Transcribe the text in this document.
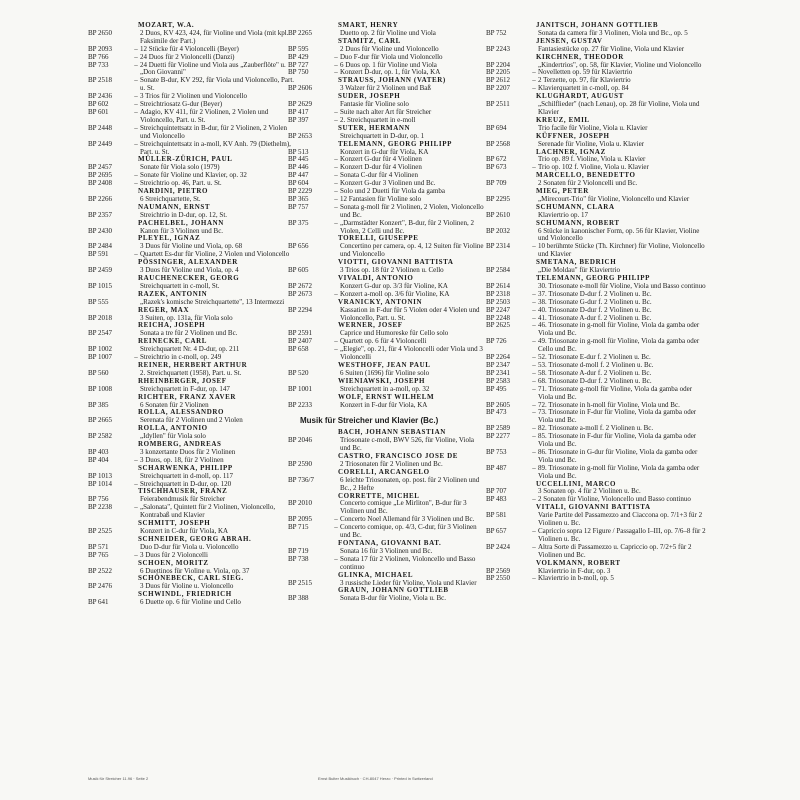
MOZART, W.A.
BP 2650	2 Duos, KV 423, 424, für Violine und Viola (mit kpl. Faksimile der Part.)
BP 2093	– 12 Stücke für 4 Violoncelli (Beyer)
BP 766	– 24 Duos für 2 Violoncelli (Danzi)
BP 733	– 24 Duetti für Violine und Viola aus „Zauberflöte" u. „Don Giovanni"
BP 2518	– Sonate B-dur, KV 292, für Viola und Violoncello, Part. u. St.
BP 2436	– 3 Trios für 2 Violinen und Violoncello
BP 602	– Streichtriosatz G-dur (Beyer)
BP 601	– Adagio, KV 411, für 2 Violinen, 2 Violen und Violoncello, Part. u. St.
BP 2448	– Streichquintettsatz in B-dur, für 2 Violinen, 2 Violen und Violoncello
BP 2449	– Streichquintettsatz in a-moll, KV Anh. 79 (Diethelm), Part. u. St.
MÜLLER-ZÜRICH, PAUL
BP 2457	Sonate für Viola solo (1979)
BP 2695	– Sonate für Violine und Klavier, op. 32
BP 2408	– Streichtrio op. 46, Part. u. St.
NARDINI, PIETRO
BP 2266	6 Streichquartette, St.
NAUMANN, ERNST
BP 2357	Streichtrio in D-dur, op. 12, St.
PACHELBEL, JOHANN
BP 2430	Kanon für 3 Violinen und Bc.
PLEYEL, IGNAZ
BP 2484	3 Duos für Violine und Viola, op. 68
BP 591	– Quartett Es-dur für Violine, 2 Violen und Violoncello
PÖSSINGER, ALEXANDER
BP 2459	3 Duos für Violine und Viola, op. 4
RAUCHENECKER, GEORG
BP 1015	Streichquartett in c-moll, St.
RAZEK, ANTONIN
BP 555	„Razek's komische Streichquartette", 13 Intermezzi
REGER, MAX
BP 2018	3 Suiten, op. 131a, für Viola solo
REICHA, JOSEPH
BP 2547	Sonata a tre für 2 Violinen und Bc.
REINECKE, CARL
BP 1002	Streichquartett Nr. 4 D-dur, op. 211
BP 1007	– Streichtrio in c-moll, op. 249
REINER, HERBERT ARTHUR
BP 560	2. Streichquartett (1958), Part. u. St.
RHEINBERGER, JOSEF
BP 1008	Streichquartett in F-dur, op. 147
RICHTER, FRANZ XAVER
BP 385	6 Sonaten für 2 Violinen
ROLLA, ALESSANDRO
BP 2665	Serenata für 2 Violinen und 2 Violen
ROLLA, ANTONIO
BP 2582	„Idyllen" für Viola solo
ROMBERG, ANDREAS
BP 403	3 konzertante Duos für 2 Violinen
BP 404	– 3 Duos, op. 18, für 2 Violinen
SCHARWENKA, PHILIPP
BP 1013	Streichquartett in d-moll, op. 117
BP 1014	– Streichquartett in D-dur, op. 120
TISCHHAUSER, FRANZ
BP 756	Feierabendmusik für Streicher
BP 2238	– „Salonata", Quintett für 2 Violinen, Violoncello, Kontrabaß und Klavier
SCHMITT, JOSEPH
BP 2525	Konzert in C-dur für Viola, KA
SCHNEIDER, GEORG ABRAH.
BP 571	Duo D-dur für Viola u. Violoncello
BP 765	– 3 Duos für 2 Violoncelli
SCHOEN, MORITZ
BP 2522	6 Duettinos für Violine u. Viola, op. 37
SCHÖNEBECK, CARL SIEG.
BP 2476	3 Duos für Violine u. Violoncello
SCHWINDL, FRIEDRICH
BP 641	6 Duette op. 6 für Violine und Cello
SMART, HENRY
BP 2265	Duetto op. 2 für Violine und Viola
STAMITZ, CARL
BP 595	2 Duos für Violine und Violoncello
BP 429	– Duo F-dur für Viola und Violoncello
BP 727	– 6 Duos op. 1 für Violine und Viola
BP 750	– Konzert D-dur, op. 1, für Viola, KA
STRAUSS, JOHANN (VATER)
BP 2606	3 Walzer für 2 Violinen und Baß
SUDER, JOSEPH
BP 2629	Fantasie für Violine solo
BP 417	– Suite nach alter Art für Streicher
BP 397	– 2. Streichquartett in e-moll
SUTER, HERMANN
BP 2653	Streichquartett in D-dur, op. 1
TELEMANN, GEORG PHILIPP
BP 513	Konzert in G-dur für Viola, KA
BP 445	– Konzert G-dur für 4 Violinen
BP 446	– Konzert D-dur für 4 Violinen
BP 447	– Sonata C-dur für 4 Violinen
BP 604	– Konzert G-dur 3 Violinen und Bc.
BP 2229	– Solo und 2 Duetti für Viola da gamba
BP 365	– 12 Fantasien für Violine solo
BP 757	– Sonata g-moll für 2 Violinen, 2 Violen, Violoncello und Bc.
BP 375	– „Darmstädter Konzert", B-dur, für 2 Violinen, 2 Violen, 2 Celli und Bc.
TORELLI, GIUSEPPE
BP 656	Concertino per camera, op. 4, 12 Suiten für Violine und Violoncello
VIOTTI, GIOVANNI BATTISTA
BP 605	3 Trios op. 18 für 2 Violinen u. Cello
VIVALDI, ANTONIO
BP 2672	Konzert G-dur op. 3/3 für Violine, KA
BP 2673	– Konzert a-moll op. 3/6 für Violine, KA
VRANICKY, ANTONIN
BP 2294	Kassation in F-dur für 5 Violen oder 4 Violen und Violoncello, Part. u. St.
WERNER, JOSEF
BP 2591	Caprice und Humoreske für Cello solo
BP 2407	– Quartett op. 6 für 4 Violoncelli
BP 658	– „Elegie", op. 21, für 4 Violoncelli oder Viola und 3 Violoncelli
WESTHOFF, JEAN PAUL
BP 520	6 Suiten (1696) für Violine solo
WIENIAWSKI, JOSEPH
BP 1001	Streichquartett in a-moll, op. 32
WOLF, ERNST WILHELM
BP 2233	Konzert in F-dur für Viola, KA
Musik für Streicher und Klavier (Bc.)
BACH, JOHANN SEBASTIAN
BP 2046	Triosonate c-moll, BWV 526, für Violine, Viola und Bc.
CASTRO, FRANCISCO JOSE DE
BP 2590	2 Triosonaten für 2 Violinen und Bc.
CORELLI, ARCANGELO
BP 736/7	6 leichte Triosonaten, op. post. für 2 Violinen und Bc., 2 Hefte
CORRETTE, MICHEL
BP 2010	Concerto comique „Le Mirliton", B-dur für 3 Violinen und Bc.
BP 2095	– Concerto Noel Allemand für 3 Violinen und Bc.
BP 715	– Concerto comique, op. 4/3, C-dur, für 3 Violinen und Bc.
FONTANA, GIOVANNI BAT.
BP 719	Sonata 16 für 3 Violinen und Bc.
BP 738	– Sonata 17 für 2 Violinen, Violoncello und Basso continuo
GLINKA, MICHAEL
BP 2515	3 russische Lieder für Violine, Viola und Klavier
GRAUN, JOHANN GOTTLIEB
BP 388	Sonata B-dur für Violine, Viola u. Bc.
JANITSCH, JOHANN GOTTLIEB
BP 752	Sonata da camera für 3 Violinen, Viola und Bc., op. 5
JENSEN, GUSTAV
BP 2243	Fantasiestücke op. 27 für Violine, Viola und Klavier
KIRCHNER, THEODOR
BP 2204	„Kindertrios", op. 58, für Klavier, Violine und Violoncello
BP 2205	– Novelletten op. 59 für Klaviertrio
BP 2612	– 2 Terzette, op. 97, für Klaviertrio
BP 2207	– Klavierquartett in c-moll, op. 84
KLUGHARDT, AUGUST
BP 2511	„Schilflieder" (nach Lenau), op. 28 für Violine, Viola und Klavier
KREUZ, EMIL
BP 694	Trio facile für Violine, Viola u. Klavier
KÜFFNER, JOSEPH
BP 2568	Serenade für Violine, Viola u. Klavier
LACHNER, IGNAZ
BP 672	Trio op. 89 f. Violine, Viola u. Klavier
BP 673	– Trio op. 102 f. Violine, Viola u. Klavier
MARCELLO, BENEDETTO
BP 709	2 Sonaten für 2 Violoncelli und Bc.
MIEG, PETER
BP 2295	„Mirecourt-Trio" für Violine, Violoncello und Klavier
SCHUMANN, CLARA
BP 2610	Klaviertrio op. 17
SCHUMANN, ROBERT
BP 2032	6 Stücke in kanonischer Form, op. 56 für Klavier, Violine und Violoncello
BP 2314	– 10 berühmte Stücke (Th. Kirchner) für Violine, Violoncello und Klavier
SMETANA, BEDRICH
BP 2584	„Die Moldau" für Klaviertrio
TELEMANN, GEORG PHILIPP
BP 2614	30. Triosonate e-moll für Violine, Viola und Basso continuo
BP 2318	– 37. Triosonate D-dur f. 2 Violinen u. Bc.
BP 2503	– 38. Triosonate G-dur f. 2 Violinen u. Bc.
BP 2247	– 40. Triosonate D-dur f. 2 Violinen u. Bc.
BP 2248	– 41. Triosonate A-dur f. 2 Violinen u. Bc.
BP 2625	– 46. Triosonate in g-moll für Violine, Viola da gamba oder Viola und Bc.
BP 726	– 49. Triosonate in g-moll für Violine, Viola da gamba oder Cello und Bc.
BP 2264	– 52. Triosonate E-dur f. 2 Violinen u. Bc.
BP 2347	– 53. Triosonate d-moll f. 2 Violinen u. Bc.
BP 2341	– 58. Triosonate A-dur f. 2 Violinen u. Bc.
BP 2583	– 68. Triosonate D-dur f. 2 Violinen u. Bc.
BP 495	– 71. Triosonate g-moll für Violine, Viola da gamba oder Viola und Bc.
BP 2605	– 72. Triosonate in h-moll für Violine, Viola und Bc.
BP 473	– 73. Triosonate in F-dur für Violine, Viola da gamba oder Viola und Bc.
BP 2589	– 82. Triosonate a-moll f. 2 Violinen u. Bc.
BP 2277	– 85. Triosonate in F-dur für Violine, Viola da gamba oder Viola und Bc.
BP 753	– 86. Triosonate in G-dur für Violine, Viola da gamba oder Viola und Bc.
BP 487	– 89. Triosonate in g-moll für Violine, Viola da gamba oder Viola und Bc.
UCCELLINI, MARCO
BP 707	3 Sonaten op. 4 für 2 Violinen u. Bc.
BP 483	– 2 Sonaten für Violine, Violoncello und Basso continuo
VITALI, GIOVANNI BATTISTA
BP 581	Varie Partite del Passamezzo and Ciaccona op. 7/1+3 für 2 Violinen u. Bc.
BP 657	– Capriccio sopra 12 Figure / Passagallo I–III, op. 7/6–8 für 2 Violinen u. Bc.
BP 2424	– Altra Sorte di Passamezzo u. Capriccio op. 7/2+5 für 2 Violinen und Bc.
VOLKMANN, ROBERT
BP 2569	Klaviertrio in F-dur, op. 3
BP 2550	– Klaviertrio in b-moll, op. 5
Musik für Streicher 11.96 · Seite 2	Ernst Bulter Musikbuch · CH-8047 Herzo · Printed in Switzerland
